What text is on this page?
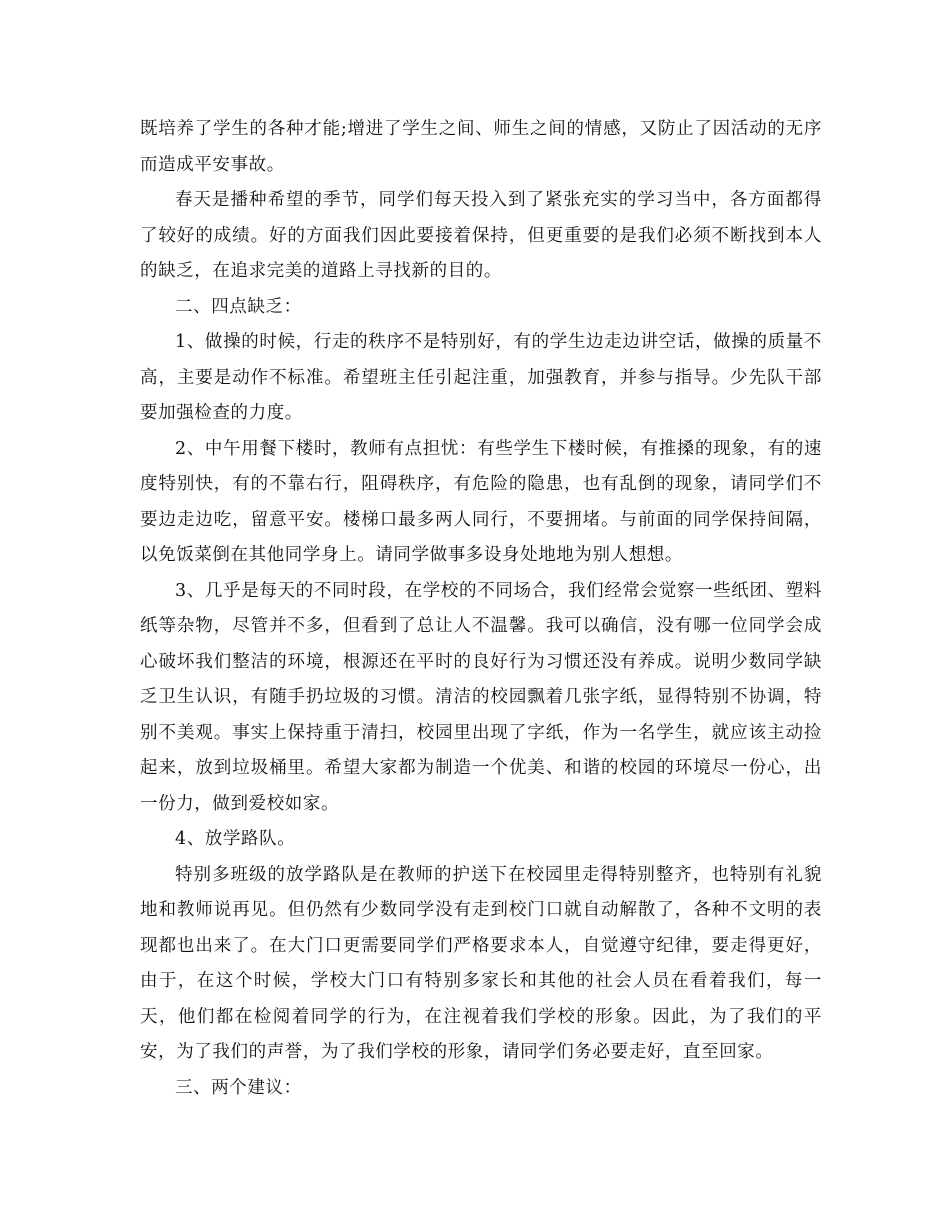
既培养了学生的各种才能;增进了学生之间、师生之间的情感，又防止了因活动的无序而造成平安事故。

春天是播种希望的季节，同学们每天投入到了紧张充实的学习当中，各方面都得了较好的成绩。好的方面我们因此要接着保持，但更重要的是我们必须不断找到本人的缺乏，在追求完美的道路上寻找新的目的。

二、四点缺乏：

1、做操的时候，行走的秩序不是特别好，有的学生边走边讲空话，做操的质量不高，主要是动作不标准。希望班主任引起注重，加强教育，并参与指导。少先队干部要加强检查的力度。

2、中午用餐下楼时，教师有点担忧：有些学生下楼时候，有推搡的现象，有的速度特别快，有的不靠右行，阻碍秩序，有危险的隐患，也有乱倒的现象，请同学们不要边走边吃，留意平安。楼梯口最多两人同行，不要拥堵。与前面的同学保持间隔，以免饭菜倒在其他同学身上。请同学做事多设身处地地为别人想想。

3、几乎是每天的不同时段，在学校的不同场合，我们经常会觉察一些纸团、塑料纸等杂物，尽管并不多，但看到了总让人不温馨。我可以确信，没有哪一位同学会成心破坏我们整洁的环境，根源还在平时的良好行为习惯还没有养成。说明少数同学缺乏卫生认识，有随手扔垃圾的习惯。清洁的校园飘着几张字纸，显得特别不协调，特别不美观。事实上保持重于清扫，校园里出现了字纸，作为一名学生，就应该主动捡起来，放到垃圾桶里。希望大家都为制造一个优美、和谐的校园的环境尽一份心，出一份力，做到爱校如家。

4、放学路队。

特别多班级的放学路队是在教师的护送下在校园里走得特别整齐，也特别有礼貌地和教师说再见。但仍然有少数同学没有走到校门口就自动解散了，各种不文明的表现都也出来了。在大门口更需要同学们严格要求本人，自觉遵守纪律，要走得更好，由于，在这个时候，学校大门口有特别多家长和其他的社会人员在看着我们，每一天，他们都在检阅着同学的行为，在注视着我们学校的形象。因此，为了我们的平安，为了我们的声誉，为了我们学校的形象，请同学们务必要走好，直至回家。

三、两个建议：
